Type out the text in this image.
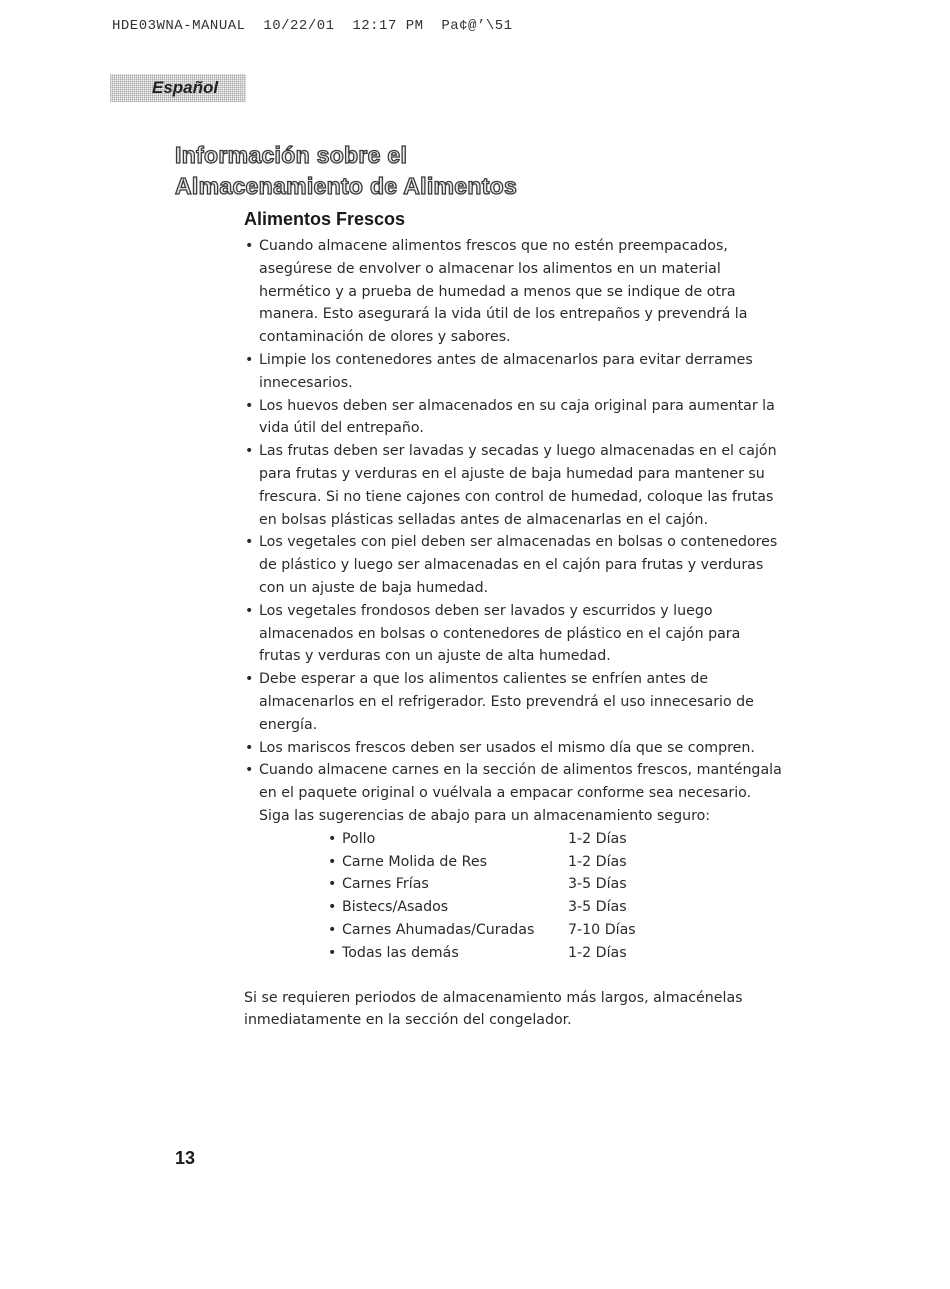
HDE03WNA-MANUAL  10/22/01  12:17 PM  Pa¢@’​\51
Español
Información sobre el
Almacenamiento de Alimentos
Alimentos Frescos
• Cuando almacene alimentos frescos que no estén preempacados, asegúrese de envolver o almacenar los alimentos en un material hermético y a prueba de humedad a menos que se indique de otra manera. Esto asegurará la vida útil de los entrepaños y prevendrá la contaminación de olores y sabores.
• Limpie los contenedores antes de almacenarlos para evitar derrames innecesarios.
• Los huevos deben ser almacenados en su caja original para aumentar la vida útil del entrepaño.
• Las frutas deben ser lavadas y secadas y luego almacenadas en el cajón para frutas y verduras en el ajuste de baja humedad para mantener su frescura. Si no tiene cajones con control de humedad, coloque las frutas en bolsas plásticas selladas antes de almacenarlas en el cajón.
• Los vegetales con piel deben ser almacenadas en bolsas o contenedores de plástico y luego ser almacenadas en el cajón para frutas y verduras con un ajuste de baja humedad.
• Los vegetales frondosos deben ser lavados y escurridos y luego almacenados en bolsas o contenedores de plástico en el cajón para frutas y verduras con un ajuste de alta humedad.
• Debe esperar a que los alimentos calientes se enfríen antes de almacenarlos en el refrigerador. Esto prevendrá el uso innecesario de energía.
• Los mariscos frescos deben ser usados el mismo día que se compren.
• Cuando almacene carnes en la sección de alimentos frescos, manténgala en el paquete original o vuélvala a empacar conforme sea necesario. Siga las sugerencias de abajo para un almacenamiento seguro:
• Pollo	1-2 Días
• Carne Molida de Res	1-2 Días
• Carnes Frías	3-5 Días
• Bistecs/Asados	3-5 Días
• Carnes Ahumadas/Curadas	7-10 Días
• Todas las demás	1-2 Días

Si se requieren periodos de almacenamiento más largos, almacénelas inmediatamente en la sección del congelador.

13
